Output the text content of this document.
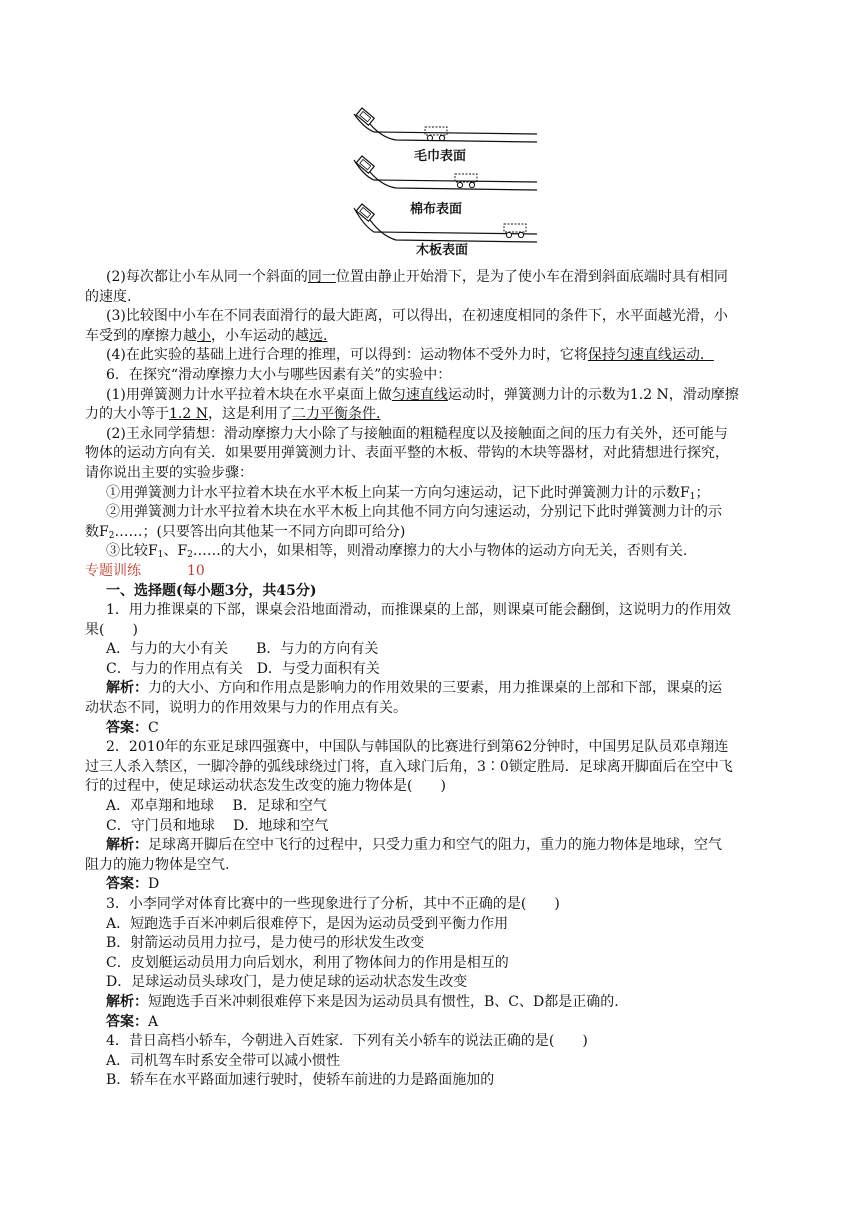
毛巾表面
棉布表面
木板表面
(2)每次都让小车从同一个斜面的同一位置由静止开始滑下，是为了使小车在滑到斜面底端时具有相同
的速度.
(3)比较图中小车在不同表面滑行的最大距离，可以得出，在初速度相同的条件下，水平面越光滑，小
车受到的摩擦力越小，小车运动的越远.
(4)在此实验的基础上进行合理的推理，可以得到：运动物体不受外力时，它将保持匀速直线运动．
6．在探究“滑动摩擦力大小与哪些因素有关”的实验中：
(1)用弹簧测力计水平拉着木块在水平桌面上做匀速直线运动时，弹簧测力计的示数为1.2 N，滑动摩擦
力的大小等于1.2 N，这是利用了二力平衡条件.
(2)王永同学猜想：滑动摩擦力大小除了与接触面的粗糙程度以及接触面之间的压力有关外，还可能与
物体的运动方向有关．如果要用弹簧测力计、表面平整的木板、带钩的木块等器材，对此猜想进行探究，
请你说出主要的实验步骤：
①用弹簧测力计水平拉着木块在水平木板上向某一方向匀速运动，记下此时弹簧测力计的示数$F_1$；
②用弹簧测力计水平拉着木块在水平木板上向其他不同方向匀速运动，分别记下此时弹簧测力计的示
数$F_2\dots\dots$；(只要答出向其他某一不同方向即可给分)
③比较$F_1$、$F_2\dots\dots$的大小，如果相等，则滑动摩擦力的大小与物体的运动方向无关，否则有关.
专题训练	10
一、选择题(每小题3分，共45分)
1．用力推课桌的下部，课桌会沿地面滑动，而推课桌的上部，则课桌可能会翻倒，这说明力的作用效
果(　　)
A．与力的大小有关　　B．与力的方向有关
C．与力的作用点有关　D．与受力面积有关
解析：力的大小、方向和作用点是影响力的作用效果的三要素，用力推课桌的上部和下部，课桌的运
动状态不同，说明力的作用效果与力的作用点有关。
答案：C
2．2010年的东亚足球四强赛中，中国队与韩国队的比赛进行到第62分钟时，中国男足队员邓卓翔连
过三人杀入禁区，一脚冷静的弧线球绕过门将，直入球门后角，3∶0锁定胜局．足球离开脚面后在空中飞
行的过程中，使足球运动状态发生改变的施力物体是(　　)
A．邓卓翔和地球　 B．足球和空气
C．守门员和地球　 D．地球和空气
解析：足球离开脚后在空中飞行的过程中，只受力重力和空气的阻力，重力的施力物体是地球，空气
阻力的施力物体是空气.
答案：D
3．小李同学对体育比赛中的一些现象进行了分析，其中不正确的是(　　)
A．短跑选手百米冲刺后很难停下，是因为运动员受到平衡力作用
B．射箭运动员用力拉弓，是力使弓的形状发生改变
C．皮划艇运动员用力向后划水，利用了物体间力的作用是相互的
D．足球运动员头球攻门，是力使足球的运动状态发生改变
解析：短跑选手百米冲刺很难停下来是因为运动员具有惯性，B、C、D都是正确的.
答案：A
4．昔日高档小轿车，今朝进入百姓家．下列有关小轿车的说法正确的是(　　)
A．司机驾车时系安全带可以减小惯性
B．轿车在水平路面加速行驶时，使轿车前进的力是路面施加的
